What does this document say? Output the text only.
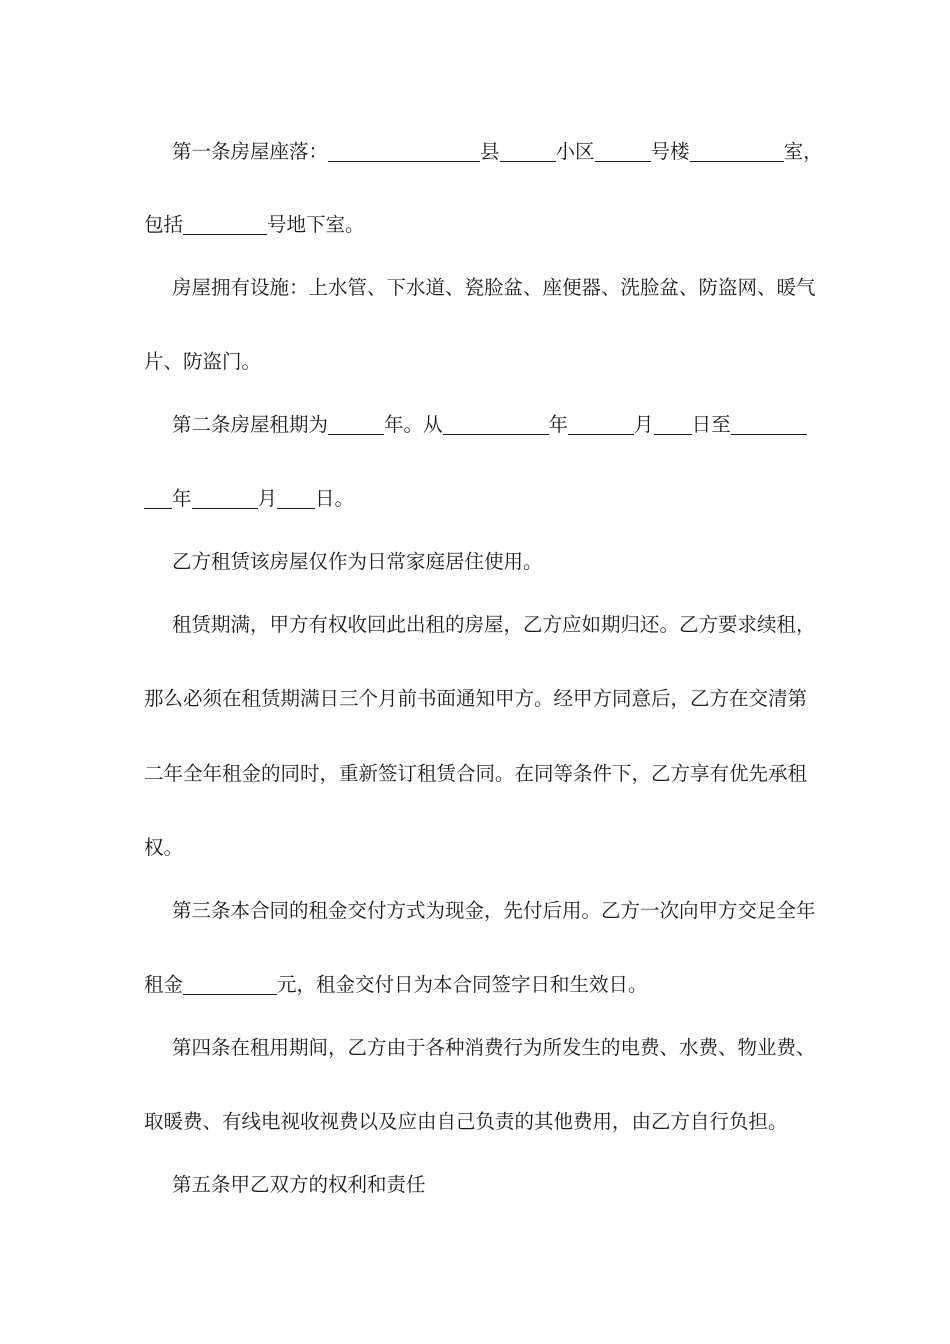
第一条房屋座落：	县	小区	号楼	室，
包括	号地下室。
房屋拥有设施：上水管、下水道、瓷脸盆、座便器、洗脸盆、防盗网、暖气
片、防盗门。
第二条房屋租期为	年。从	年	月 日至
年	月 日。
乙方租赁该房屋仅作为日常家庭居住使用。
租赁期满，甲方有权收回此出租的房屋，乙方应如期归还。乙方要求续租，
那么必须在租赁期满日三个月前书面通知甲方。经甲方同意后，乙方在交清第
二年全年租金的同时，重新签订租赁合同。在同等条件下，乙方享有优先承租
权。
第三条本合同的租金交付方式为现金，先付后用。乙方一次向甲方交足全年
租金	元，租金交付日为本合同签字日和生效日。
第四条在租用期间，乙方由于各种消费行为所发生的电费、水费、物业费、
取暖费、有线电视收视费以及应由自己负责的其他费用，由乙方自行负担。
第五条甲乙双方的权利和责任
